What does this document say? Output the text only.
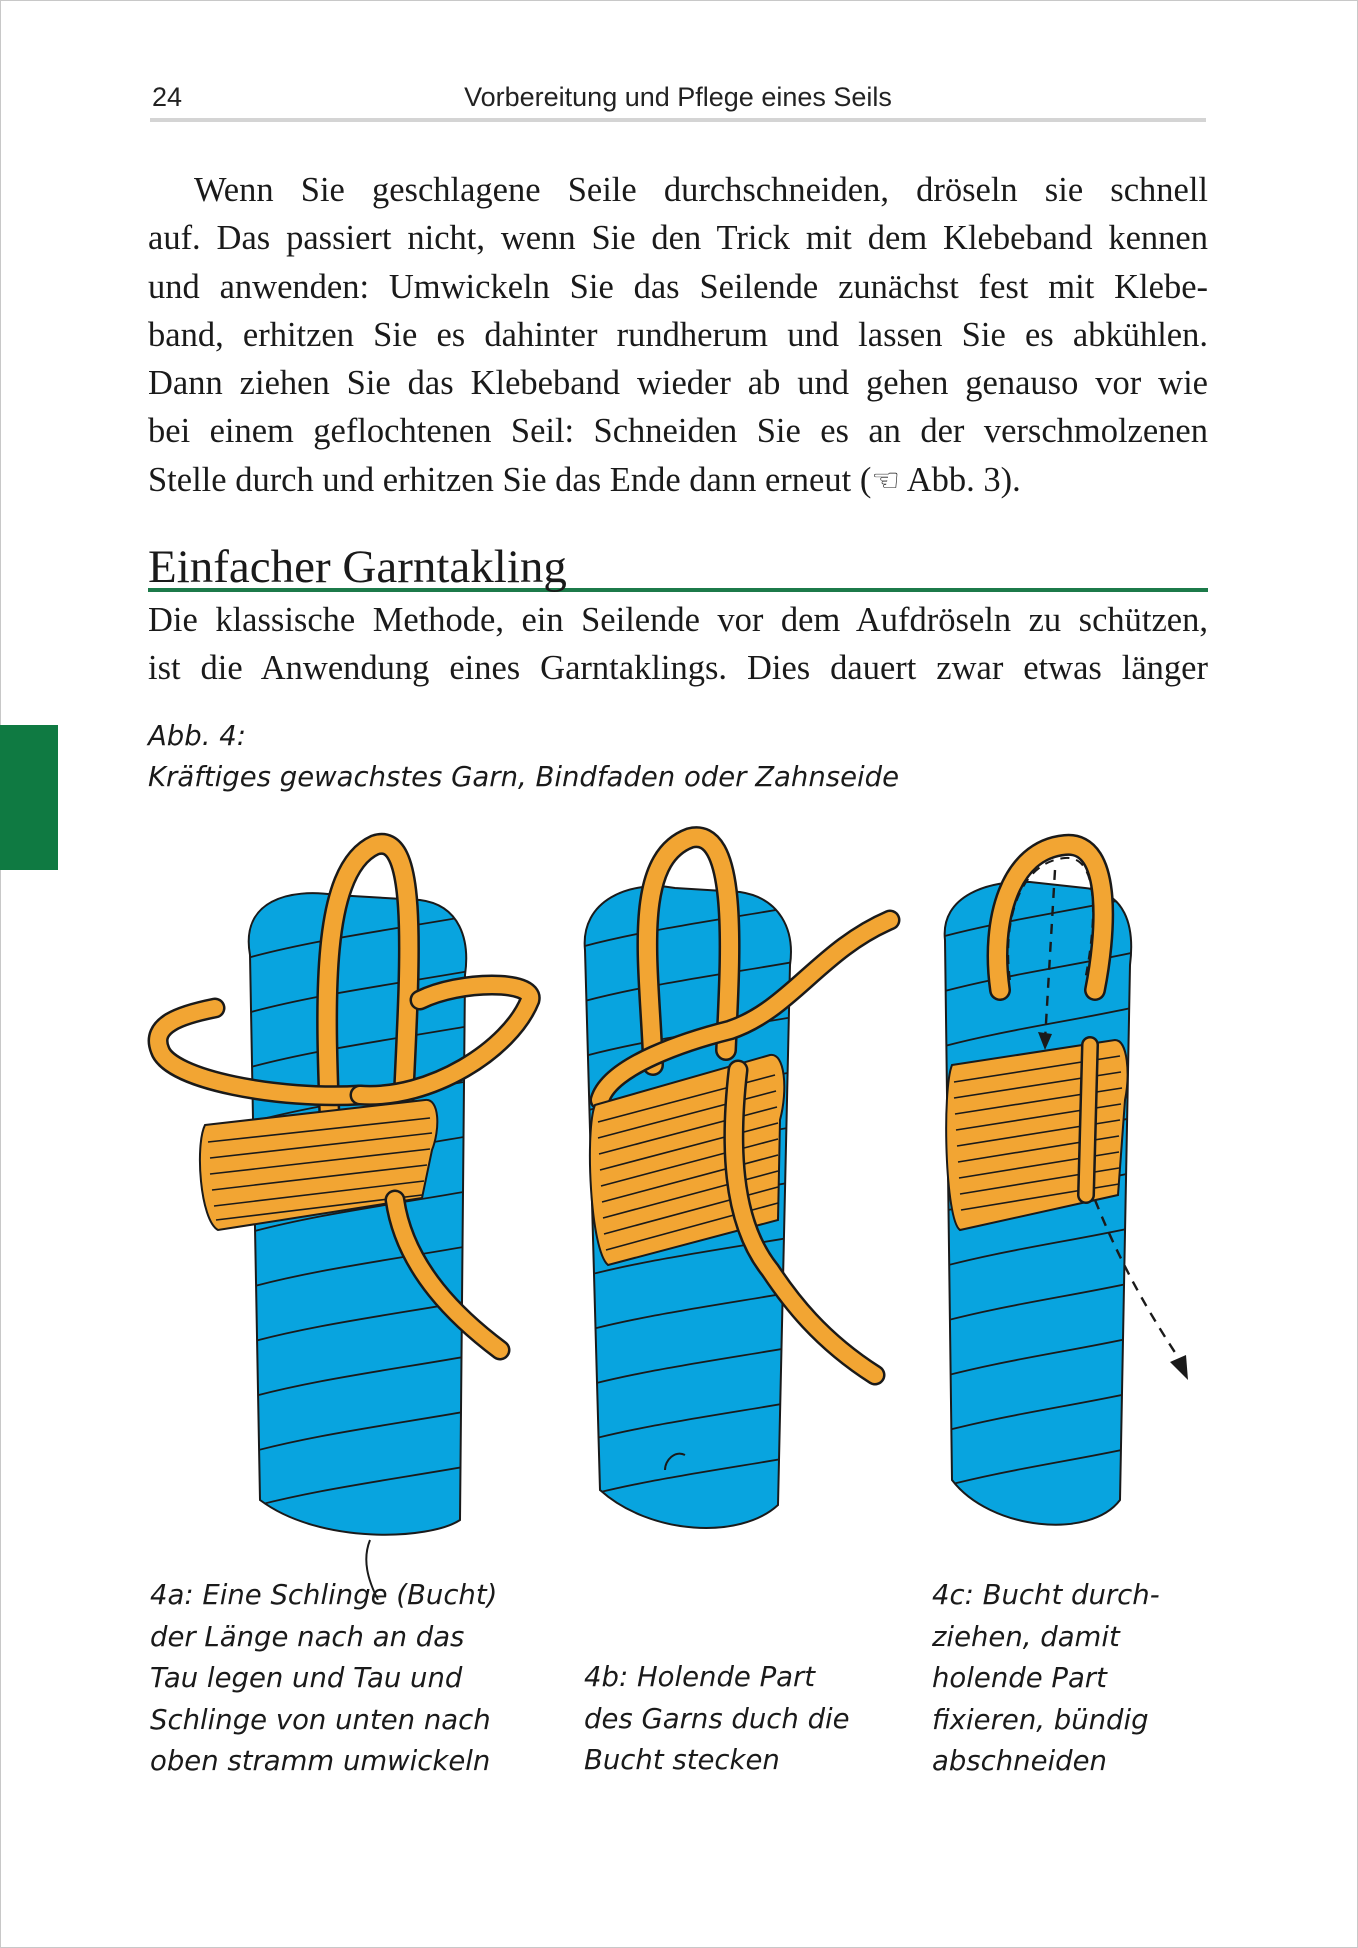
24	Vorbereitung und Pflege eines Seils
Wenn Sie geschlagene Seile durchschneiden, dröseln sie schnell
auf. Das passiert nicht, wenn Sie den Trick mit dem Klebeband kennen
und anwenden: Umwickeln Sie das Seilende zunächst fest mit Klebe-
band, erhitzen Sie es dahinter rundherum und lassen Sie es abkühlen.
Dann ziehen Sie das Klebeband wieder ab und gehen genauso vor wie
bei einem geflochtenen Seil: Schneiden Sie es an der verschmolzenen
Stelle durch und erhitzen Sie das Ende dann erneut (☜ Abb. 3).
Einfacher Garntakling
Die klassische Methode, ein Seilende vor dem Aufdröseln zu schützen,
ist die Anwendung eines Garntaklings. Dies dauert zwar etwas länger
Abb. 4:
Kräftiges gewachstes Garn, Bindfaden oder Zahnseide
4a: Eine Schlinge (Bucht)
der Länge nach an das
Tau legen und Tau und
Schlinge von unten nach
oben stramm umwickeln
4b: Holende Part
des Garns duch die
Bucht stecken
4c: Bucht durch-
ziehen, damit
holende Part
fixieren, bündig
abschneiden
